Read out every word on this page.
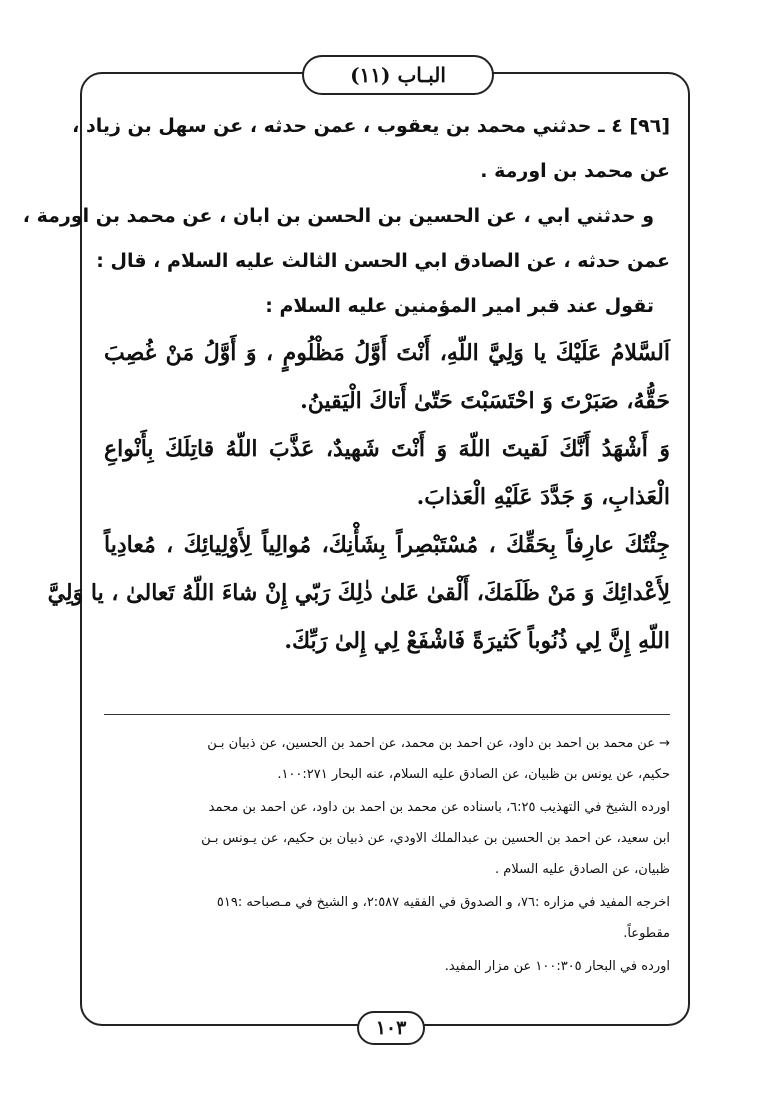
البـاب (١١)
[٩٦] ٤ ـ حدثني محمد بن يعقوب ، عمن حدثه ، عن سهل بن زياد ،
عن محمد بن اورمة .
و حدثني ابي ، عن الحسين بن الحسن بن ابان ، عن محمد بن اورمة ،
عمن حدثه ، عن الصادق ابي الحسن الثالث عليه السلام ، قال :
تقول عند قبر امير المؤمنين عليه السلام :
اَلسَّلامُ عَلَيْكَ يا وَلِيَّ اللّهِ، أَنْتَ أَوَّلُ مَظْلُومٍ ، وَ أَوَّلُ مَنْ غُصِبَ
حَقُّهُ، صَبَرْتَ وَ احْتَسَبْتَ حَتّىٰ أَتاكَ الْيَقينُ.
وَ أَشْهَدُ أَنَّكَ لَقيتَ اللّهَ وَ أَنْتَ شَهيدٌ، عَذَّبَ اللّهُ قاتِلَكَ بِأَنْواعِ
الْعَذابِ، وَ جَدَّدَ عَلَيْهِ الْعَذابَ.
جِئْتُكَ عارِفاً بِحَقِّكَ ، مُسْتَبْصِراً بِشَأْنِكَ، مُوالِياً لِأَوْلِيائِكَ ، مُعادِياً
لِأَعْدائِكَ وَ مَنْ ظَلَمَكَ، أَلْقىٰ عَلىٰ ذٰلِكَ رَبّي إِنْ شاءَ اللّهُ تَعالىٰ ، يا وَلِيَّ
اللّهِ إِنَّ لِي ذُنُوباً كَثيرَةً فَاشْفَعْ لِي إِلىٰ رَبِّكَ.
→ عن محمد بن احمد بن داود، عن احمد بن محمد، عن احمد بن الحسين، عن ذبيان بـن
حكيم، عن يونس بن ظبيان، عن الصادق عليه السلام، عنه البحار ١٠٠:٢٧١.
اورده الشيخ في التهذيب ٦:٢٥، باسناده عن محمد بن احمد بن داود، عن احمد بن محمد
ابن سعيد، عن احمد بن الحسين بن عبدالملك الاودي، عن ذبيان بن حكيم، عن يـونس بـن
ظبيان، عن الصادق عليه السلام .
اخرجه المفيد في مزاره :٧٦، و الصدوق في الفقيه ٢:٥٨٧، و الشيخ في مـصباحه :٥١٩
مقطوعاً.
اورده في البحار ١٠٠:٣٠٥ عن مزار المفيد.
١٠٣
